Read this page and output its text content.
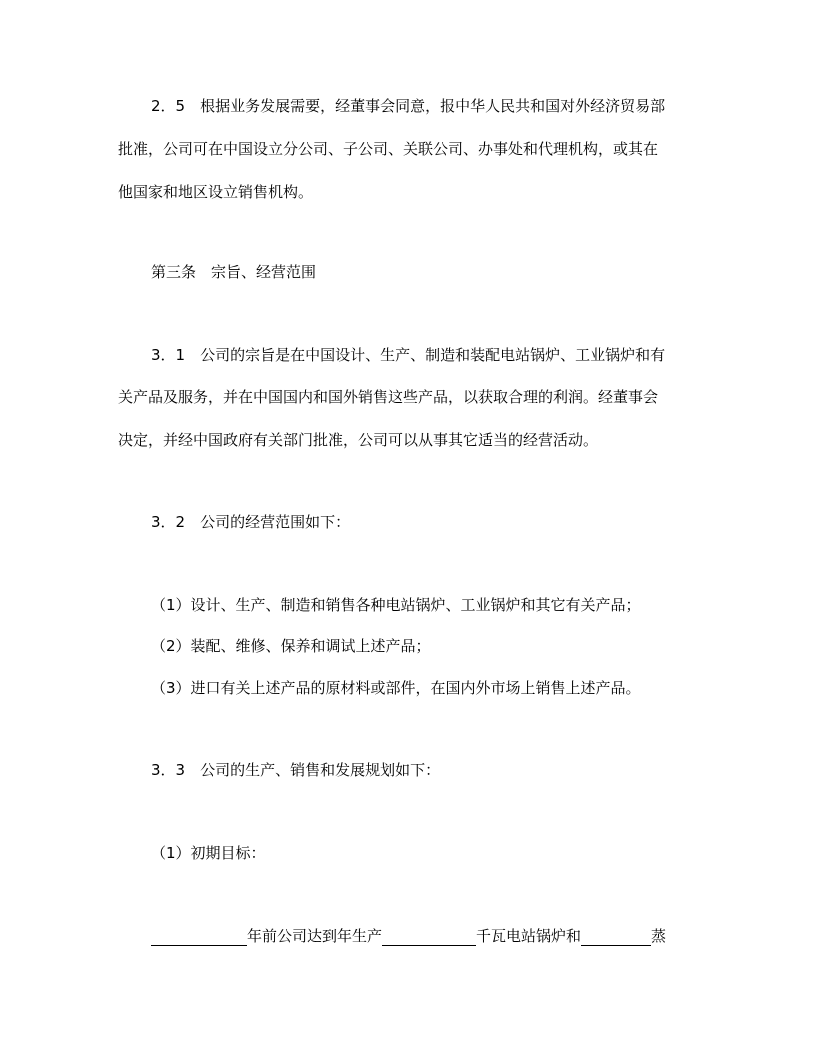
2．5　根据业务发展需要，经董事会同意，报中华人民共和国对外经济贸易部
批准，公司可在中国设立分公司、子公司、关联公司、办事处和代理机构，或其在
他国家和地区设立销售机构。
第三条　宗旨、经营范围
3．1　公司的宗旨是在中国设计、生产、制造和装配电站锅炉、工业锅炉和有
关产品及服务，并在中国国内和国外销售这些产品，以获取合理的利润。经董事会
决定，并经中国政府有关部门批准，公司可以从事其它适当的经营活动。
3．2　公司的经营范围如下：
（1）设计、生产、制造和销售各种电站锅炉、工业锅炉和其它有关产品；
（2）装配、维修、保养和调试上述产品；
（3）进口有关上述产品的原材料或部件，在国内外市场上销售上述产品。
3．3　公司的生产、销售和发展规划如下：
（1）初期目标：
年前公司达到年生产	千瓦电站锅炉和	蒸
